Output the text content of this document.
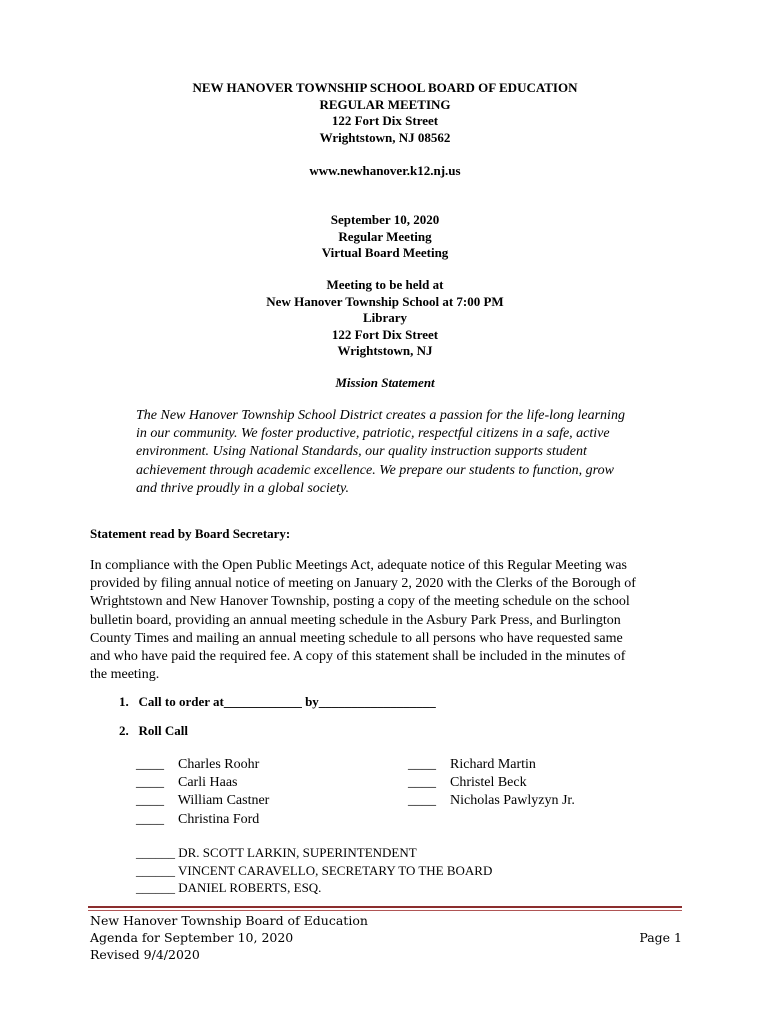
NEW HANOVER TOWNSHIP SCHOOL BOARD OF EDUCATION
REGULAR MEETING
122 Fort Dix Street
Wrightstown, NJ 08562
www.newhanover.k12.nj.us
September 10, 2020
Regular Meeting
Virtual Board Meeting
Meeting to be held at
New Hanover Township School at 7:00 PM
Library
122 Fort Dix Street
Wrightstown, NJ
Mission Statement
The New Hanover Township School District creates a passion for the life-long learning
in our community. We foster productive, patriotic, respectful citizens in a safe, active
environment. Using National Standards, our quality instruction supports student
achievement through academic excellence. We prepare our students to function, grow
and thrive proudly in a global society.
Statement read by Board Secretary:
In compliance with the Open Public Meetings Act, adequate notice of this Regular Meeting was
provided by filing annual notice of meeting on January 2, 2020 with the Clerks of the Borough of
Wrightstown and New Hanover Township, posting a copy of the meeting schedule on the school
bulletin board, providing an annual meeting schedule in the Asbury Park Press, and Burlington
County Times and mailing an annual meeting schedule to all persons who have requested same
and who have paid the required fee. A copy of this statement shall be included in the minutes of
the meeting.
1.   Call to order at____________ by__________________
2.   Roll Call
____    Charles Roohr
____    Carli Haas
____    William Castner
____    Christina Ford
____    Richard Martin
____    Christel Beck
____    Nicholas Pawlyzyn Jr.
______ DR. SCOTT LARKIN, SUPERINTENDENT
______ VINCENT CARAVELLO, SECRETARY TO THE BOARD
______ DANIEL ROBERTS, ESQ.
New Hanover Township Board of Education
Agenda for September 10, 2020
Revised 9/4/2020
Page 1
